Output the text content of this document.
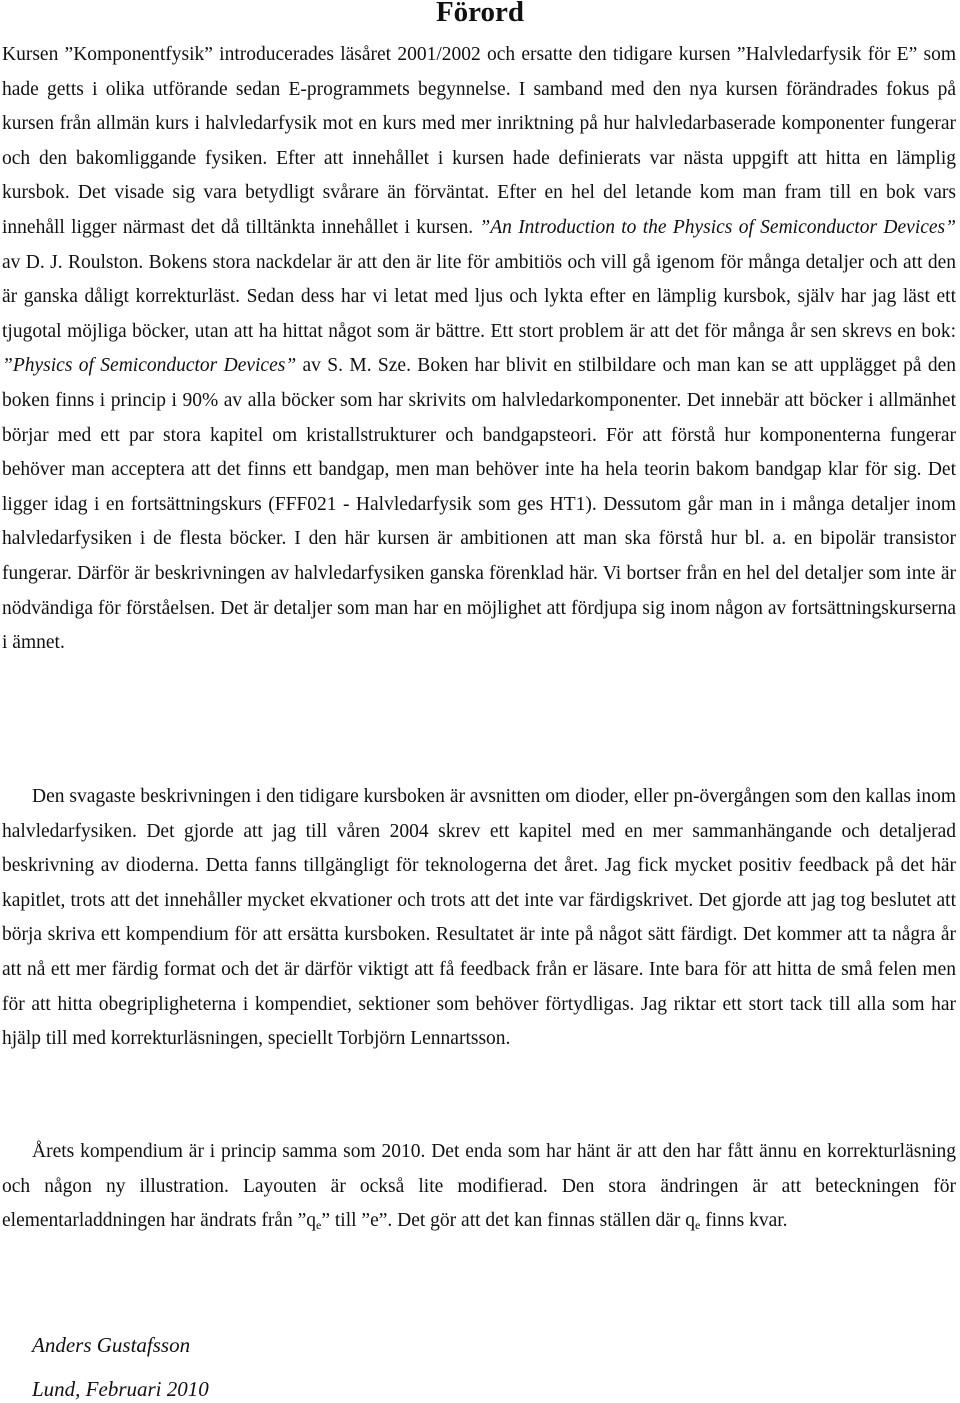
Förord

Kursen ”Komponentfysik” introducerades läsåret 2001/2002 och ersatte den tidigare kursen ”Halvledarfysik för E” som hade getts i olika utförande sedan E-programmets begynnelse. I samband med den nya kursen förändrades fokus på kursen från allmän kurs i halvledarfysik mot en kurs med mer inriktning på hur halvledarbaserade komponenter fungerar och den bakomliggande fysiken. Efter att innehållet i kursen hade definierats var nästa uppgift att hitta en lämplig kursbok. Det visade sig vara betydligt svårare än förväntat. Efter en hel del letande kom man fram till en bok vars innehåll ligger närmast det då tilltänkta innehållet i kursen. ”An Introduction to the Physics of Semiconductor Devices” av D. J. Roulston. Bokens stora nackdelar är att den är lite för ambitiös och vill gå igenom för många detaljer och att den är ganska dåligt korrekturläst. Sedan dess har vi letat med ljus och lykta efter en lämplig kursbok, själv har jag läst ett tjugotal möjliga böcker, utan att ha hittat något som är bättre. Ett stort problem är att det för många år sen skrevs en bok: ”Physics of Semiconductor Devices” av S. M. Sze. Boken har blivit en stilbildare och man kan se att upplägget på den boken finns i princip i 90% av alla böcker som har skrivits om halvledarkomponenter. Det innebär att böcker i allmänhet börjar med ett par stora kapitel om kristallstrukturer och bandgapsteori. För att förstå hur komponenterna fungerar behöver man acceptera att det finns ett bandgap, men man behöver inte ha hela teorin bakom bandgap klar för sig. Det ligger idag i en fortsättningskurs (FFF021 - Halvledarfysik som ges HT1). Dessutom går man in i många detaljer inom halvledarfysiken i de flesta böcker. I den här kursen är ambitionen att man ska förstå hur bl. a. en bipolär transistor fungerar. Därför är beskrivningen av halvledarfysiken ganska förenklad här. Vi bortser från en hel del detaljer som inte är nödvändiga för förståelsen. Det är detaljer som man har en möjlighet att fördjupa sig inom någon av fortsättningskurserna i ämnet.

Den svagaste beskrivningen i den tidigare kursboken är avsnitten om dioder, eller pn-övergången som den kallas inom halvledarfysiken. Det gjorde att jag till våren 2004 skrev ett kapitel med en mer sammanhängande och detaljerad beskrivning av dioderna. Detta fanns tillgängligt för teknologerna det året. Jag fick mycket positiv feedback på det här kapitlet, trots att det innehåller mycket ekvationer och trots att det inte var färdigskrivet. Det gjorde att jag tog beslutet att börja skriva ett kompendium för att ersätta kursboken. Resultatet är inte på något sätt färdigt. Det kommer att ta några år att nå ett mer färdig format och det är därför viktigt att få feedback från er läsare. Inte bara för att hitta de små felen men för att hitta obegripligheterna i kompendiet, sektioner som behöver förtydligas. Jag riktar ett stort tack till alla som har hjälp till med korrekturläsningen, speciellt Torbjörn Lennartsson.

Årets kompendium är i princip samma som 2010. Det enda som har hänt är att den har fått ännu en korrekturläsning och någon ny illustration. Layouten är också lite modifierad. Den stora ändringen är att beteckningen för elementarladdningen har ändrats från $”q_e$” till ”e”. Det gör att det kan finnas ställen där $q_e$ finns kvar.

Anders Gustafsson

Lund, Februari 2010
